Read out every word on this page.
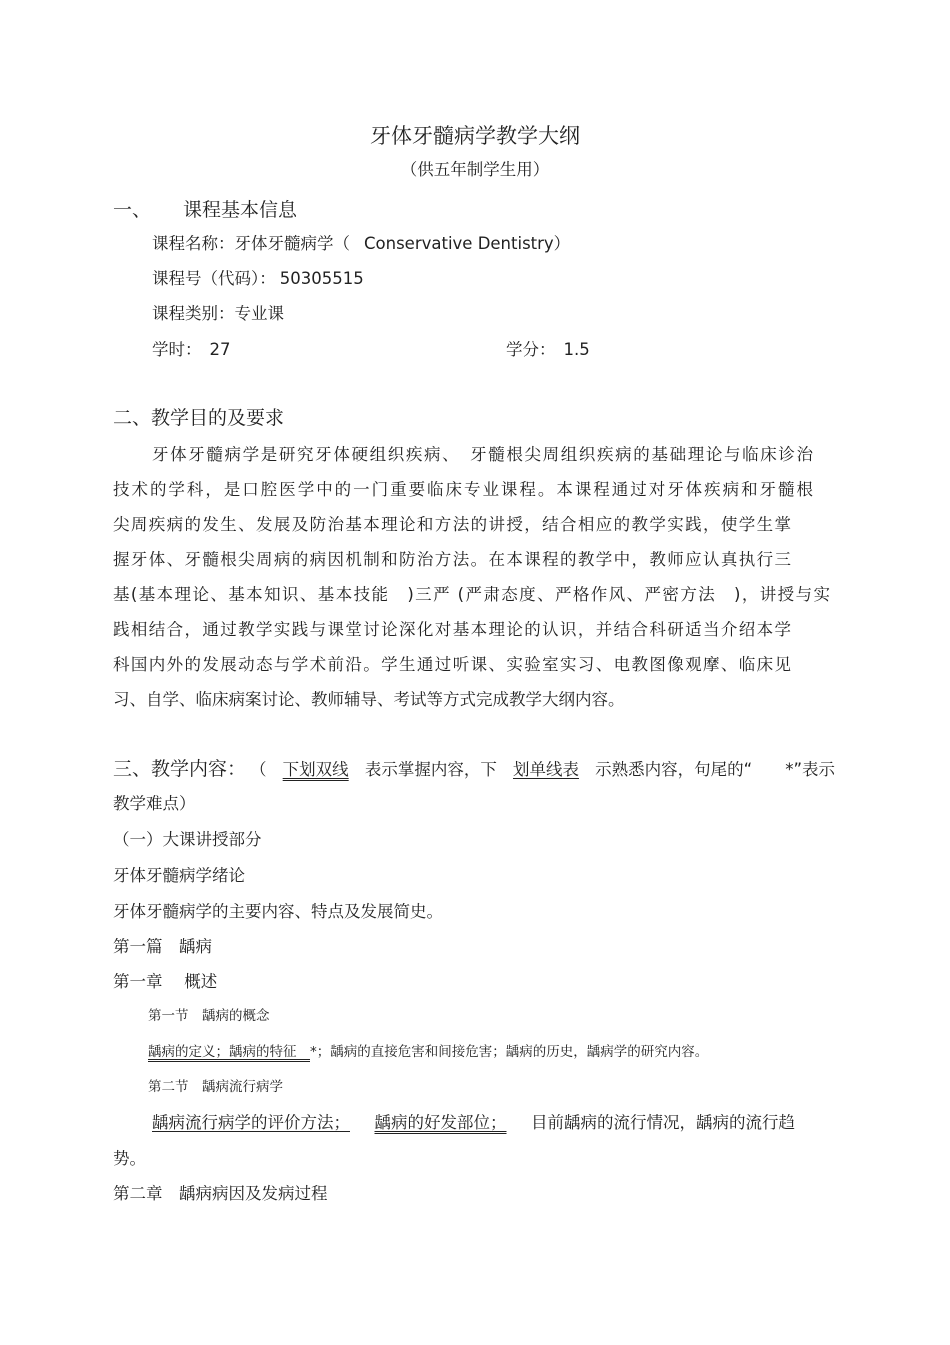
牙体牙髓病学教学大纲
（供五年制学生用）
一、 课程基本信息
课程名称：牙体牙髓病学（ Conservative Dentistry）
课程号（代码）： 50305515
课程类别：专业课
学时： 27	学分： 1.5
二、教学目的及要求
牙体牙髓病学是研究牙体硬组织疾病、　牙髓根尖周组织疾病的基础理论与临床诊治
技术的学科，是口腔医学中的一门重要临床专业课程。本课程通过对牙体疾病和牙髓根
尖周疾病的发生、发展及防治基本理论和方法的讲授，结合相应的教学实践，使学生掌
握牙体、牙髓根尖周病的病因机制和防治方法。在本课程的教学中，教师应认真执行三
基(基本理论、基本知识、基本技能　)三严 (严肃态度、严格作风、严密方法　)，讲授与实
践相结合，通过教学实践与课堂讨论深化对基本理论的认识，并结合科研适当介绍本学
科国内外的发展动态与学术前沿。学生通过听课、实验室实习、电教图像观摩、临床见
习、自学、临床病案讨论、教师辅导、考试等方式完成教学大纲内容。
三、教学内容： （ 下划双线 表示掌握内容，下 划单线表 示熟悉内容，句尾的“　　*”表示
教学难点）
（一）大课讲授部分
牙体牙髓病学绪论
牙体牙髓病学的主要内容、特点及发展简史。
第一篇　龋病
第一章　 概述
第一节　龋病的概念
龋病的定义；龋病的特征　*；龋病的直接危害和间接危害；龋病的历史，龋病学的研究内容。
第二节　龋病流行病学
龋病流行病学的评价方法； 龋病的好发部位； 目前龋病的流行情况，龋病的流行趋
势。
第二章　龋病病因及发病过程
